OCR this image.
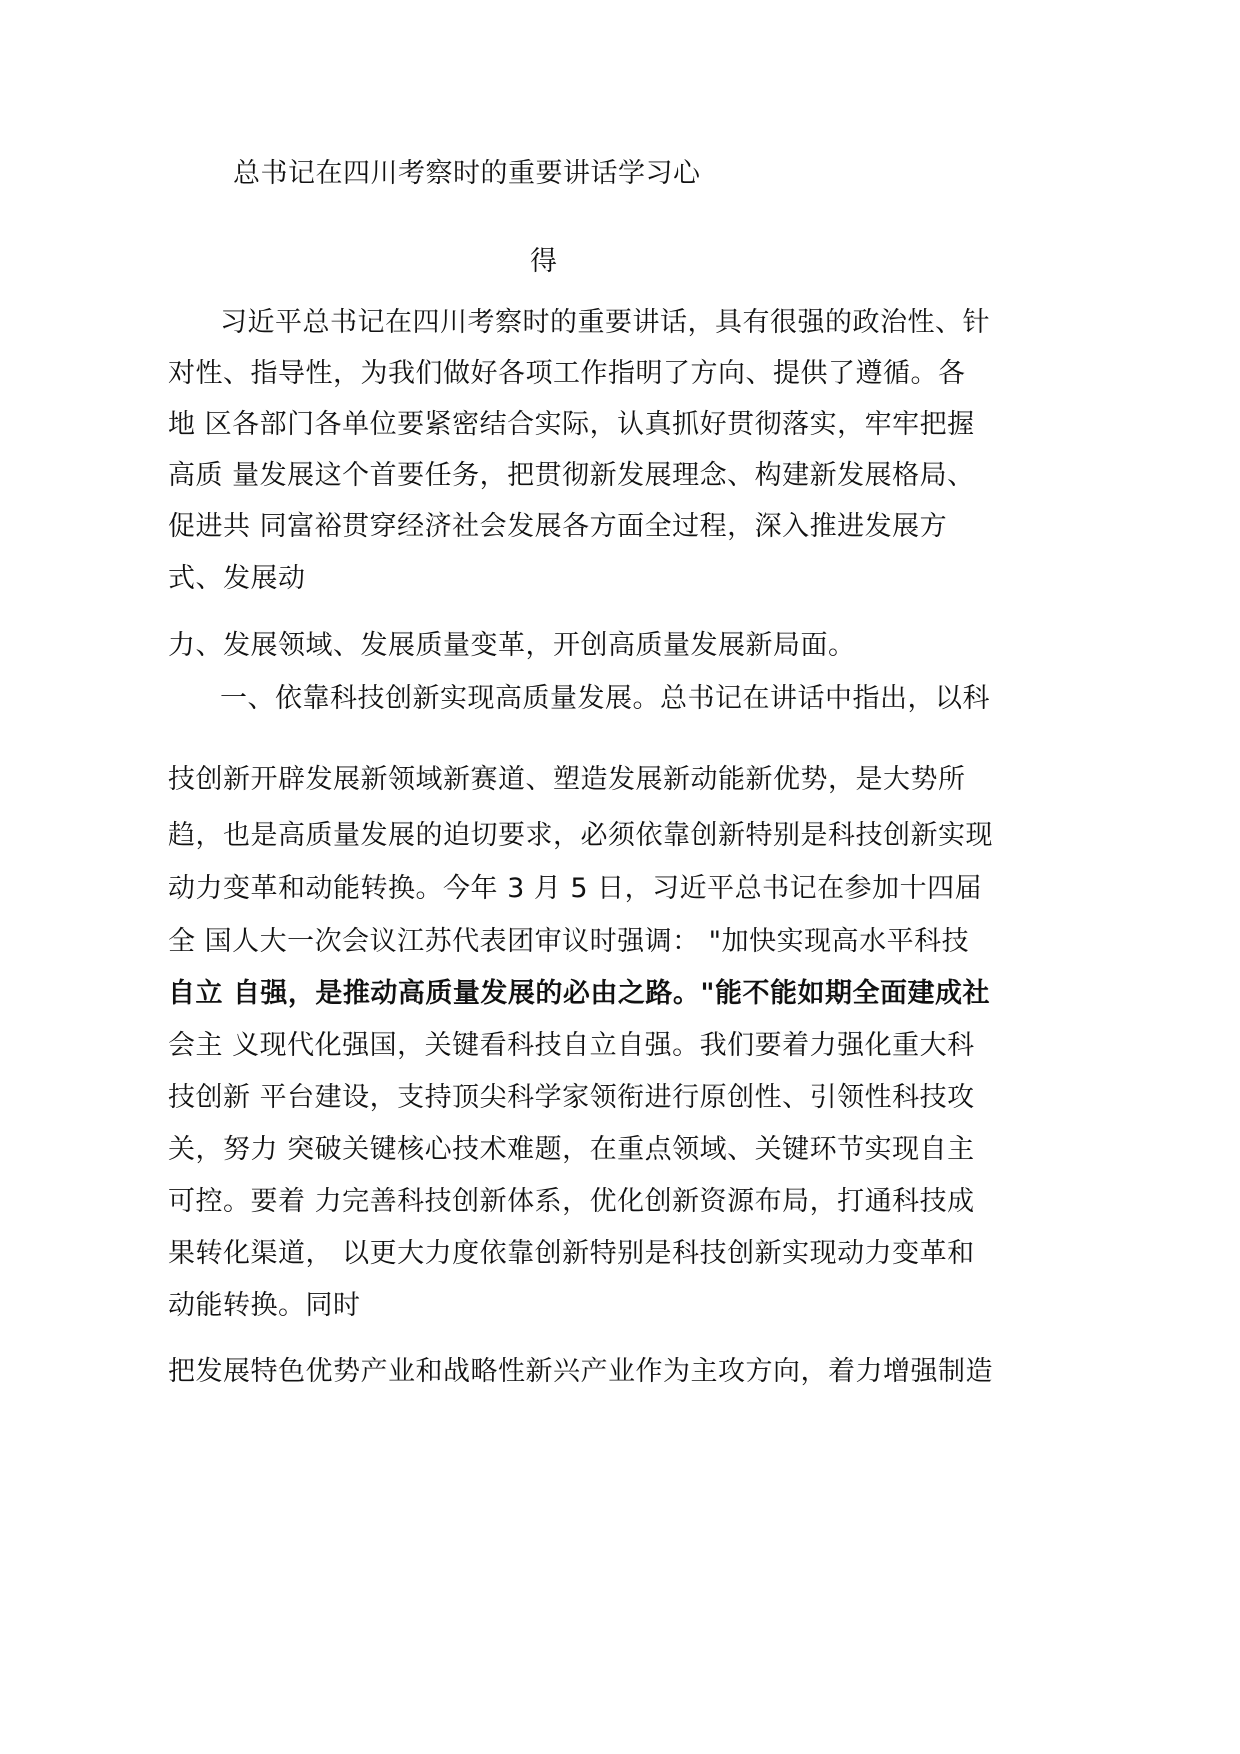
总书记在四川考察时的重要讲话学习心
得
习近平总书记在四川考察时的重要讲话，具有很强的政治性、针
对性、指导性，为我们做好各项工作指明了方向、提供了遵循。各
地 区各部门各单位要紧密结合实际，认真抓好贯彻落实，牢牢把握
高质 量发展这个首要任务，把贯彻新发展理念、构建新发展格局、
促进共 同富裕贯穿经济社会发展各方面全过程，深入推进发展方
式、发展动
力、发展领域、发展质量变革，开创高质量发展新局面。
一、依靠科技创新实现高质量发展。总书记在讲话中指出，以科
技创新开辟发展新领域新赛道、塑造发展新动能新优势，是大势所
趋，也是高质量发展的迫切要求，必须依靠创新特别是科技创新实现
动力变革和动能转换。今年 3 月 5 日，习近平总书记在参加十四届
全 国人大一次会议江苏代表团审议时强调： "加快实现高水平科技
自立 自强，是推动高质量发展的必由之路。"能不能如期全面建成社
会主 义现代化强国，关键看科技自立自强。我们要着力强化重大科
技创新 平台建设，支持顶尖科学家领衔进行原创性、引领性科技攻
关，努力 突破关键核心技术难题，在重点领域、关键环节实现自主
可控。要着 力完善科技创新体系，优化创新资源布局，打通科技成
果转化渠道， 以更大力度依靠创新特别是科技创新实现动力变革和
动能转换。同时
把发展特色优势产业和战略性新兴产业作为主攻方向，着力增强制造
